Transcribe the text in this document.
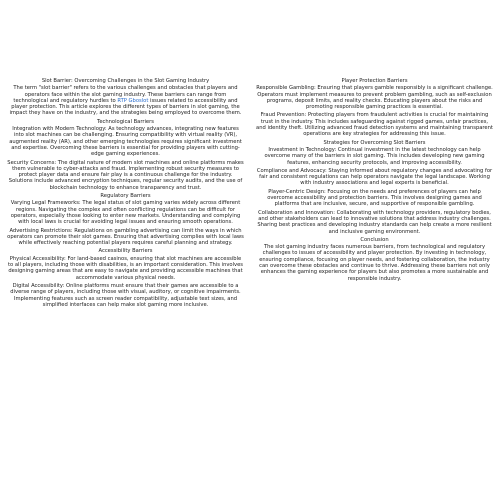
Slot Barrier: Overcoming Challenges in the Slot Gaming Industry

The term "slot barrier" refers to the various challenges and obstacles that players and operators face within the slot gaming industry. These barriers can range from technological and regulatory hurdles to RTP Gboslot issues related to accessibility and player protection. This article explores the different types of barriers in slot gaming, the impact they have on the industry, and the strategies being employed to overcome them.

Technological Barriers

Integration with Modern Technology: As technology advances, integrating new features into slot machines can be challenging. Ensuring compatibility with virtual reality (VR), augmented reality (AR), and other emerging technologies requires significant investment and expertise. Overcoming these barriers is essential for providing players with cutting-edge gaming experiences.

Security Concerns: The digital nature of modern slot machines and online platforms makes them vulnerable to cyber-attacks and fraud. Implementing robust security measures to protect player data and ensure fair play is a continuous challenge for the industry. Solutions include advanced encryption techniques, regular security audits, and the use of blockchain technology to enhance transparency and trust.

Regulatory Barriers

Varying Legal Frameworks: The legal status of slot gaming varies widely across different regions. Navigating the complex and often conflicting regulations can be difficult for operators, especially those looking to enter new markets. Understanding and complying with local laws is crucial for avoiding legal issues and ensuring smooth operations.

Advertising Restrictions: Regulations on gambling advertising can limit the ways in which operators can promote their slot games. Ensuring that advertising complies with local laws while effectively reaching potential players requires careful planning and strategy.

Accessibility Barriers

Physical Accessibility: For land-based casinos, ensuring that slot machines are accessible to all players, including those with disabilities, is an important consideration. This involves designing gaming areas that are easy to navigate and providing accessible machines that accommodate various physical needs.

Digital Accessibility: Online platforms must ensure that their games are accessible to a diverse range of players, including those with visual, auditory, or cognitive impairments. Implementing features such as screen reader compatibility, adjustable text sizes, and simplified interfaces can help make slot gaming more inclusive.

Player Protection Barriers

Responsible Gambling: Ensuring that players gamble responsibly is a significant challenge. Operators must implement measures to prevent problem gambling, such as self-exclusion programs, deposit limits, and reality checks. Educating players about the risks and promoting responsible gaming practices is essential.

Fraud Prevention: Protecting players from fraudulent activities is crucial for maintaining trust in the industry. This includes safeguarding against rigged games, unfair practices, and identity theft. Utilizing advanced fraud detection systems and maintaining transparent operations are key strategies for addressing this issue.

Strategies for Overcoming Slot Barriers

Investment in Technology: Continual investment in the latest technology can help overcome many of the barriers in slot gaming. This includes developing new gaming features, enhancing security protocols, and improving accessibility.

Compliance and Advocacy: Staying informed about regulatory changes and advocating for fair and consistent regulations can help operators navigate the legal landscape. Working with industry associations and legal experts is beneficial.

Player-Centric Design: Focusing on the needs and preferences of players can help overcome accessibility and protection barriers. This involves designing games and platforms that are inclusive, secure, and supportive of responsible gambling.

Collaboration and Innovation: Collaborating with technology providers, regulatory bodies, and other stakeholders can lead to innovative solutions that address industry challenges. Sharing best practices and developing industry standards can help create a more resilient and inclusive gaming environment.

Conclusion

The slot gaming industry faces numerous barriers, from technological and regulatory challenges to issues of accessibility and player protection. By investing in technology, ensuring compliance, focusing on player needs, and fostering collaboration, the industry can overcome these obstacles and continue to thrive. Addressing these barriers not only enhances the gaming experience for players but also promotes a more sustainable and responsible industry.
